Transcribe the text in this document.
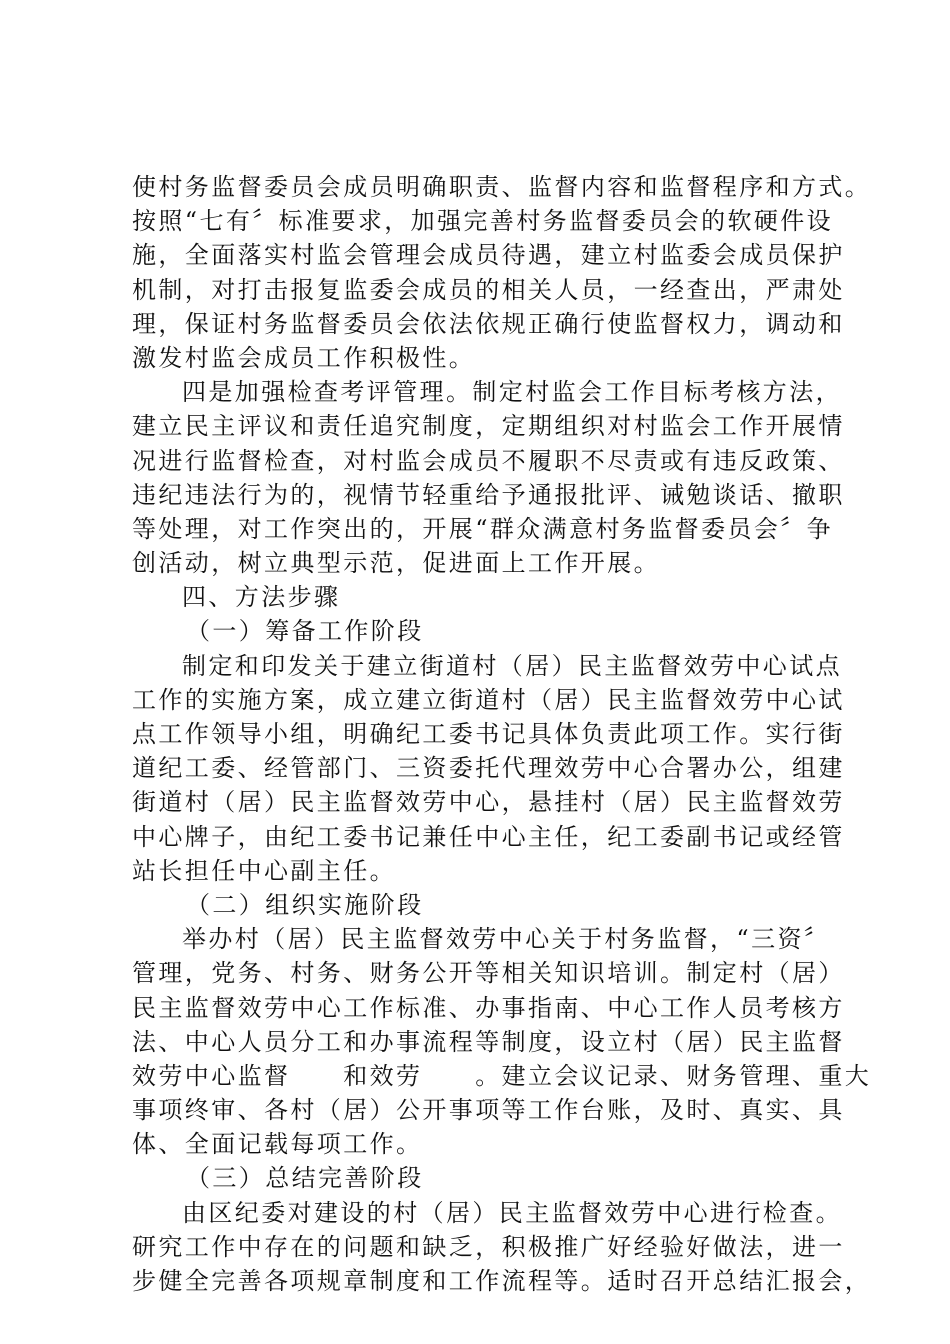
使村务监督委员会成员明确职责、监督内容和监督程序和方式。
按照“七有〞标准要求，加强完善村务监督委员会的软硬件设
施，全面落实村监会管理会成员待遇，建立村监委会成员保护
机制，对打击报复监委会成员的相关人员，一经查出，严肃处
理，保证村务监督委员会依法依规正确行使监督权力，调动和
激发村监会成员工作积极性。
四是加强检查考评管理。制定村监会工作目标考核方法，
建立民主评议和责任追究制度，定期组织对村监会工作开展情
况进行监督检查，对村监会成员不履职不尽责或有违反政策、
违纪违法行为的，视情节轻重给予通报批评、诫勉谈话、撤职
等处理，对工作突出的，开展“群众满意村务监督委员会〞争
创活动，树立典型示范，促进面上工作开展。
四、方法步骤
（一）筹备工作阶段
制定和印发关于建立街道村（居）民主监督效劳中心试点
工作的实施方案，成立建立街道村（居）民主监督效劳中心试
点工作领导小组，明确纪工委书记具体负责此项工作。实行街
道纪工委、经管部门、三资委托代理效劳中心合署办公，组建
街道村（居）民主监督效劳中心，悬挂村（居）民主监督效劳
中心牌子，由纪工委书记兼任中心主任，纪工委副书记或经管
站长担任中心副主任。
（二）组织实施阶段
举办村（居）民主监督效劳中心关于村务监督，“三资〞
管理，党务、村务、财务公开等相关知识培训。制定村（居）
民主监督效劳中心工作标准、办事指南、中心工作人员考核方
法、中心人员分工和办事流程等制度，设立村（居）民主监督
效劳中心监督　　和效劳　　。建立会议记录、财务管理、重大
事项终审、各村（居）公开事项等工作台账，及时、真实、具
体、全面记载每项工作。
（三）总结完善阶段
由区纪委对建设的村（居）民主监督效劳中心进行检查。
研究工作中存在的问题和缺乏，积极推广好经验好做法，进一
步健全完善各项规章制度和工作流程等。适时召开总结汇报会，
